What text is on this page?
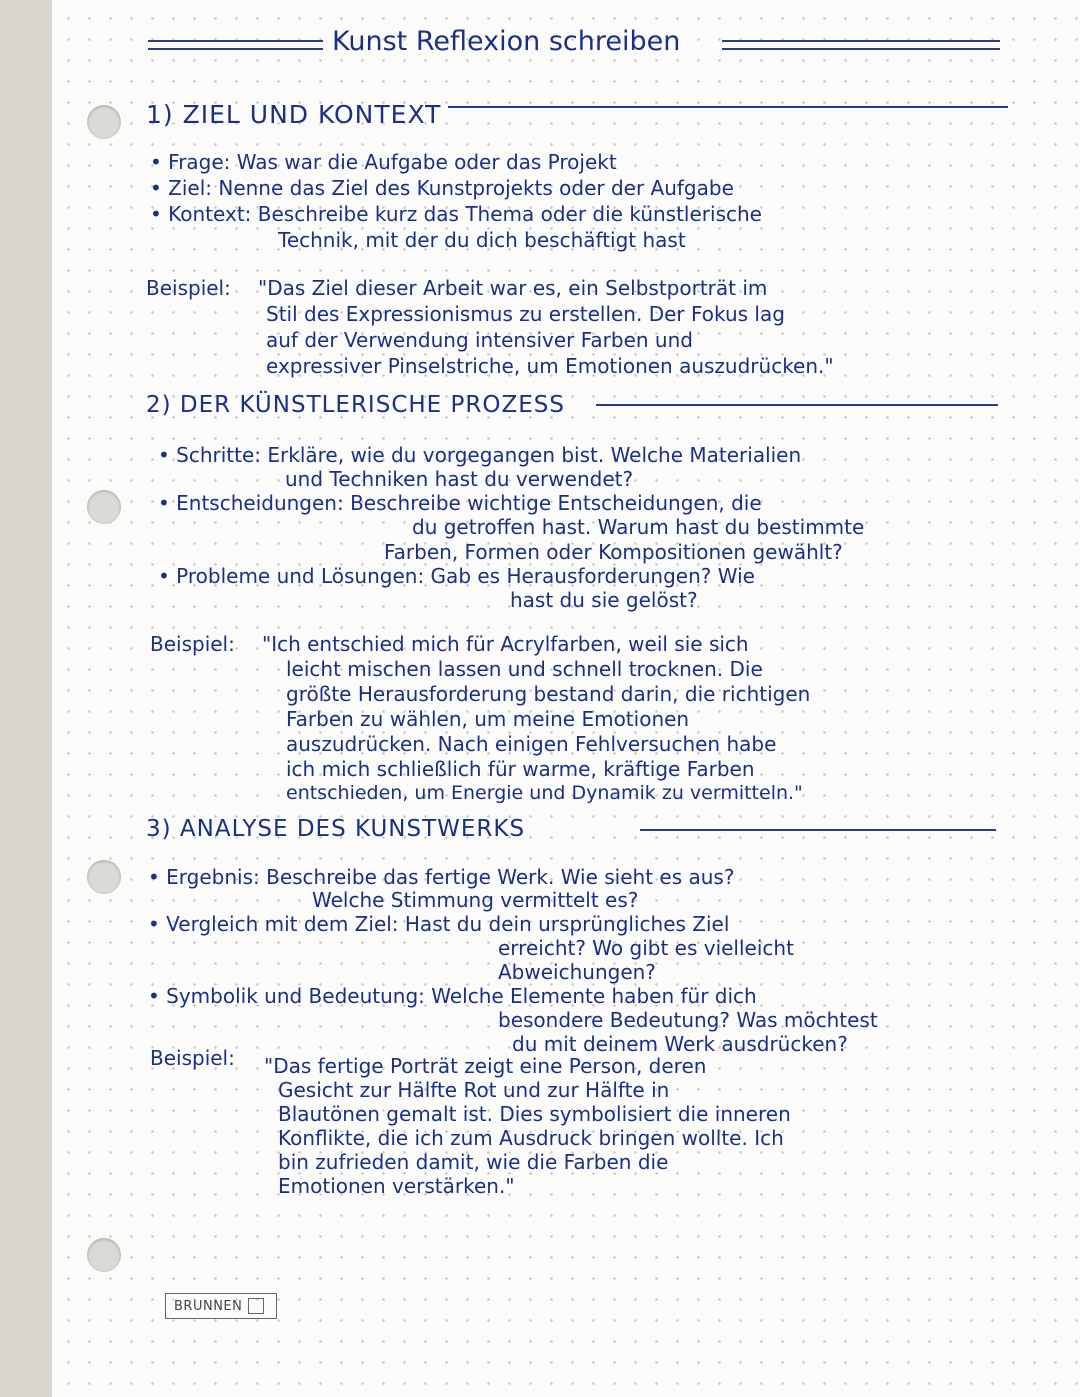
Kunst Reflexion schreiben
1) ZIEL UND KONTEXT
• Frage: Was war die Aufgabe oder das Projekt
• Ziel: Nenne das Ziel des Kunstprojekts oder der Aufgabe
• Kontext: Beschreibe kurz das Thema oder die künstlerische
Technik, mit der du dich beschäftigt hast
Beispiel: "Das Ziel dieser Arbeit war es, ein Selbstporträt im
Stil des Expressionismus zu erstellen. Der Fokus lag
auf der Verwendung intensiver Farben und
expressiver Pinselstriche, um Emotionen auszudrücken."
2) DER KÜNSTLERISCHE PROZESS
• Schritte: Erkläre, wie du vorgegangen bist. Welche Materialien
und Techniken hast du verwendet?
• Entscheidungen: Beschreibe wichtige Entscheidungen, die
du getroffen hast. Warum hast du bestimmte
Farben, Formen oder Kompositionen gewählt?
• Probleme und Lösungen: Gab es Herausforderungen? Wie
hast du sie gelöst?
Beispiel: "Ich entschied mich für Acrylfarben, weil sie sich
leicht mischen lassen und schnell trocknen. Die
größte Herausforderung bestand darin, die richtigen
Farben zu wählen, um meine Emotionen
auszudrücken. Nach einigen Fehlversuchen habe
ich mich schließlich für warme, kräftige Farben
entschieden, um Energie und Dynamik zu vermitteln."
3) ANALYSE DES KUNSTWERKS
• Ergebnis: Beschreibe das fertige Werk. Wie sieht es aus?
Welche Stimmung vermittelt es?
• Vergleich mit dem Ziel: Hast du dein ursprüngliches Ziel
erreicht? Wo gibt es vielleicht
Abweichungen?
• Symbolik und Bedeutung: Welche Elemente haben für dich
besondere Bedeutung? Was möchtest
du mit deinem Werk ausdrücken?
Beispiel: "Das fertige Porträt zeigt eine Person, deren
Gesicht zur Hälfte Rot und zur Hälfte in
Blautönen gemalt ist. Dies symbolisiert die inneren
Konflikte, die ich zum Ausdruck bringen wollte. Ich
bin zufrieden damit, wie die Farben die
Emotionen verstärken."
BRUNNEN
